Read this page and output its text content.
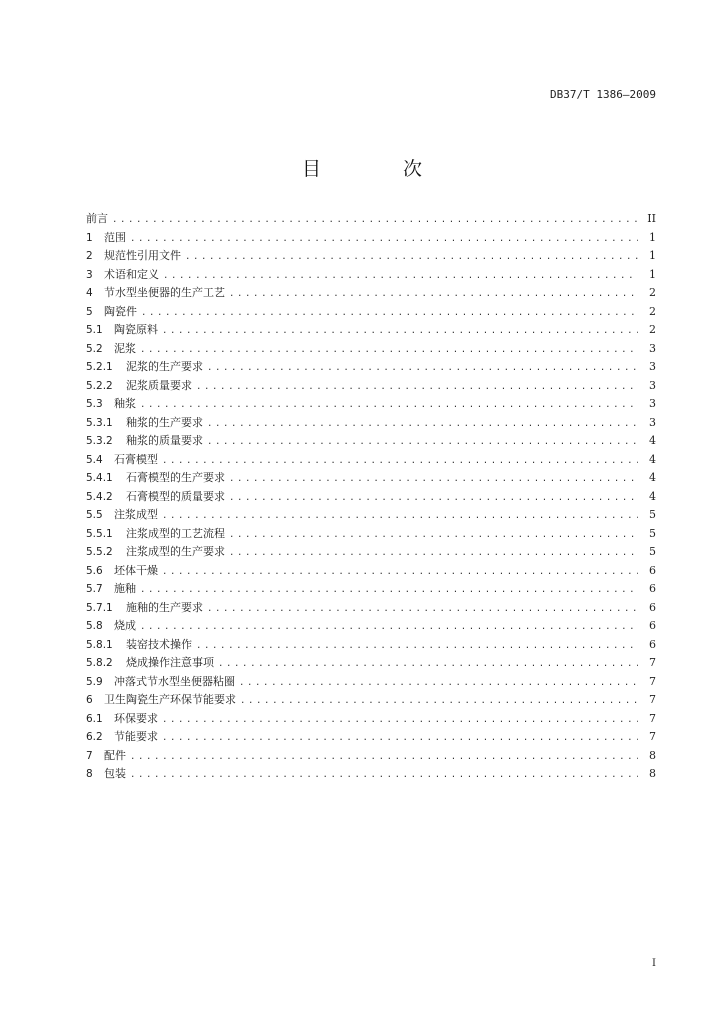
DB37/T 1386—2009
目 次
前言 .....	II
1	范围 .....	1
2	规范性引用文件 .....	1
3	术语和定义 .....	1
4	节水型坐便器的生产工艺 .....	2
5	陶瓷件 .....	2
5.1	陶瓷原料 .....	2
5.2	泥浆 .....	3
5.2.1	泥浆的生产要求 .....	3
5.2.2	泥浆质量要求 .....	3
5.3	釉浆 .....	3
5.3.1	釉浆的生产要求 .....	3
5.3.2	釉浆的质量要求 .....	4
5.4	石膏模型 .....	4
5.4.1	石膏模型的生产要求 .....	4
5.4.2	石膏模型的质量要求 .....	4
5.5	注浆成型 .....	5
5.5.1	注浆成型的工艺流程 .....	5
5.5.2	注浆成型的生产要求 .....	5
5.6	坯体干燥 .....	6
5.7	施釉 .....	6
5.7.1	施釉的生产要求 .....	6
5.8	烧成 .....	6
5.8.1	装窑技术操作 .....	6
5.8.2	烧成操作注意事项 .....	7
5.9	冲落式节水型坐便器粘圈 .....	7
6	卫生陶瓷生产环保节能要求 .....	7
6.1	环保要求 .....	7
6.2	节能要求 .....	7
7	配件 .....	8
8	包装 .....	8
I
